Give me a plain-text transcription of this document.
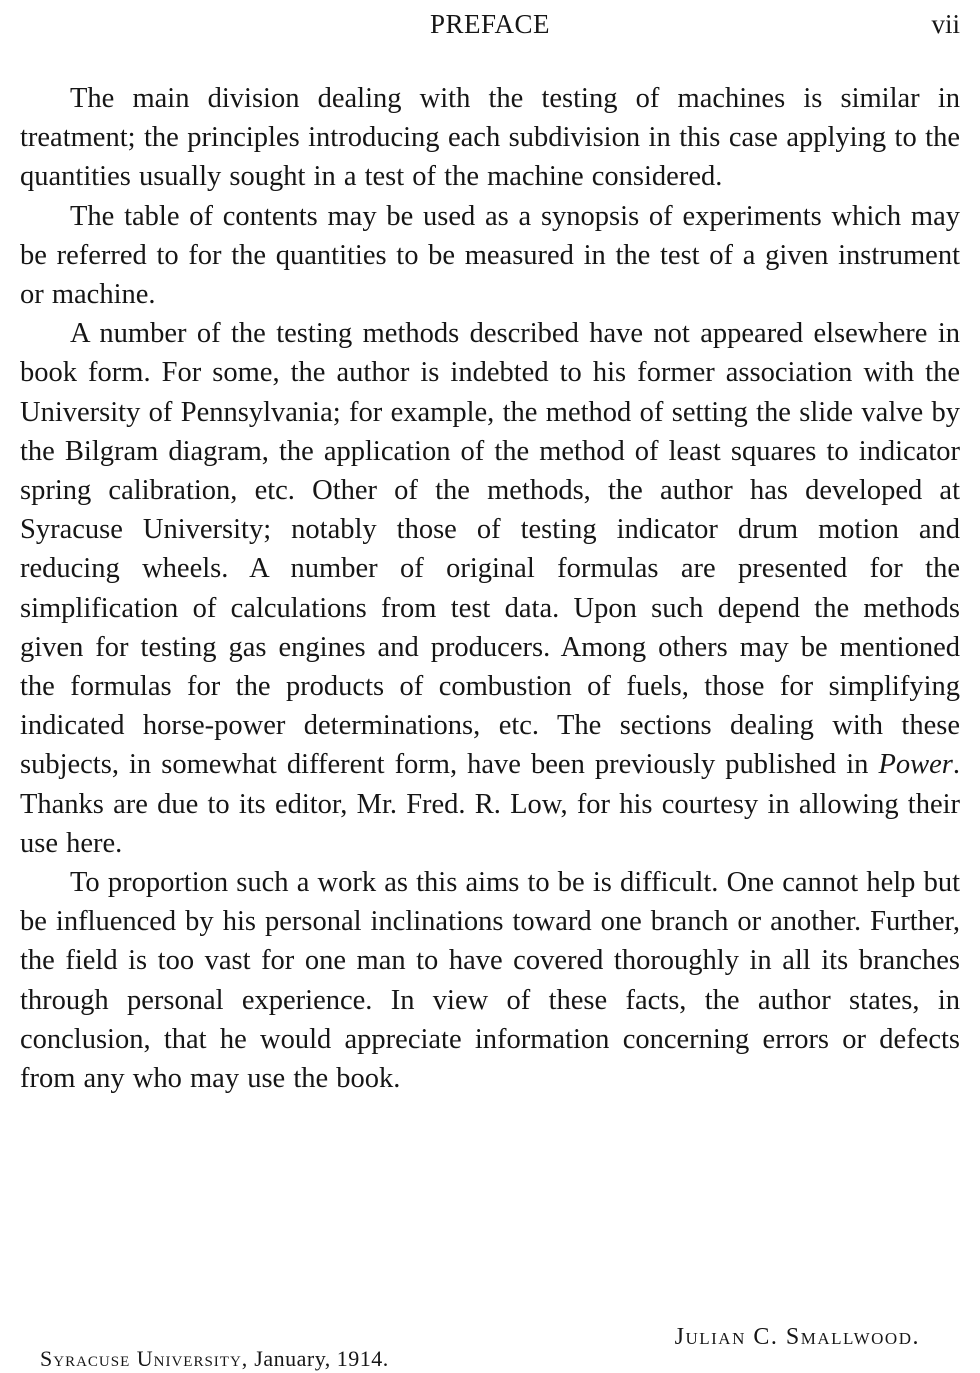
PREFACE	vii

The main division dealing with the testing of machines is similar in treatment; the principles introducing each subdivision in this case applying to the quantities usually sought in a test of the machine considered.

The table of contents may be used as a synopsis of experiments which may be referred to for the quantities to be measured in the test of a given instrument or machine.

A number of the testing methods described have not appeared elsewhere in book form. For some, the author is indebted to his former association with the University of Pennsylvania; for example, the method of setting the slide valve by the Bilgram diagram, the application of the method of least squares to indicator spring calibration, etc. Other of the methods, the author has developed at Syracuse University; notably those of testing indicator drum motion and reducing wheels. A number of original formulas are presented for the simplification of calculations from test data. Upon such depend the methods given for testing gas engines and producers. Among others may be mentioned the formulas for the products of combustion of fuels, those for simplifying indicated horse-power determinations, etc. The sections dealing with these subjects, in somewhat different form, have been previously published in Power. Thanks are due to its editor, Mr. Fred. R. Low, for his courtesy in allowing their use here.

To proportion such a work as this aims to be is difficult. One cannot help but be influenced by his personal inclinations toward one branch or another. Further, the field is too vast for one man to have covered thoroughly in all its branches through personal experience. In view of these facts, the author states, in conclusion, that he would appreciate information concerning errors or defects from any who may use the book.

Julian C. Smallwood.
Syracuse University, January, 1914.
